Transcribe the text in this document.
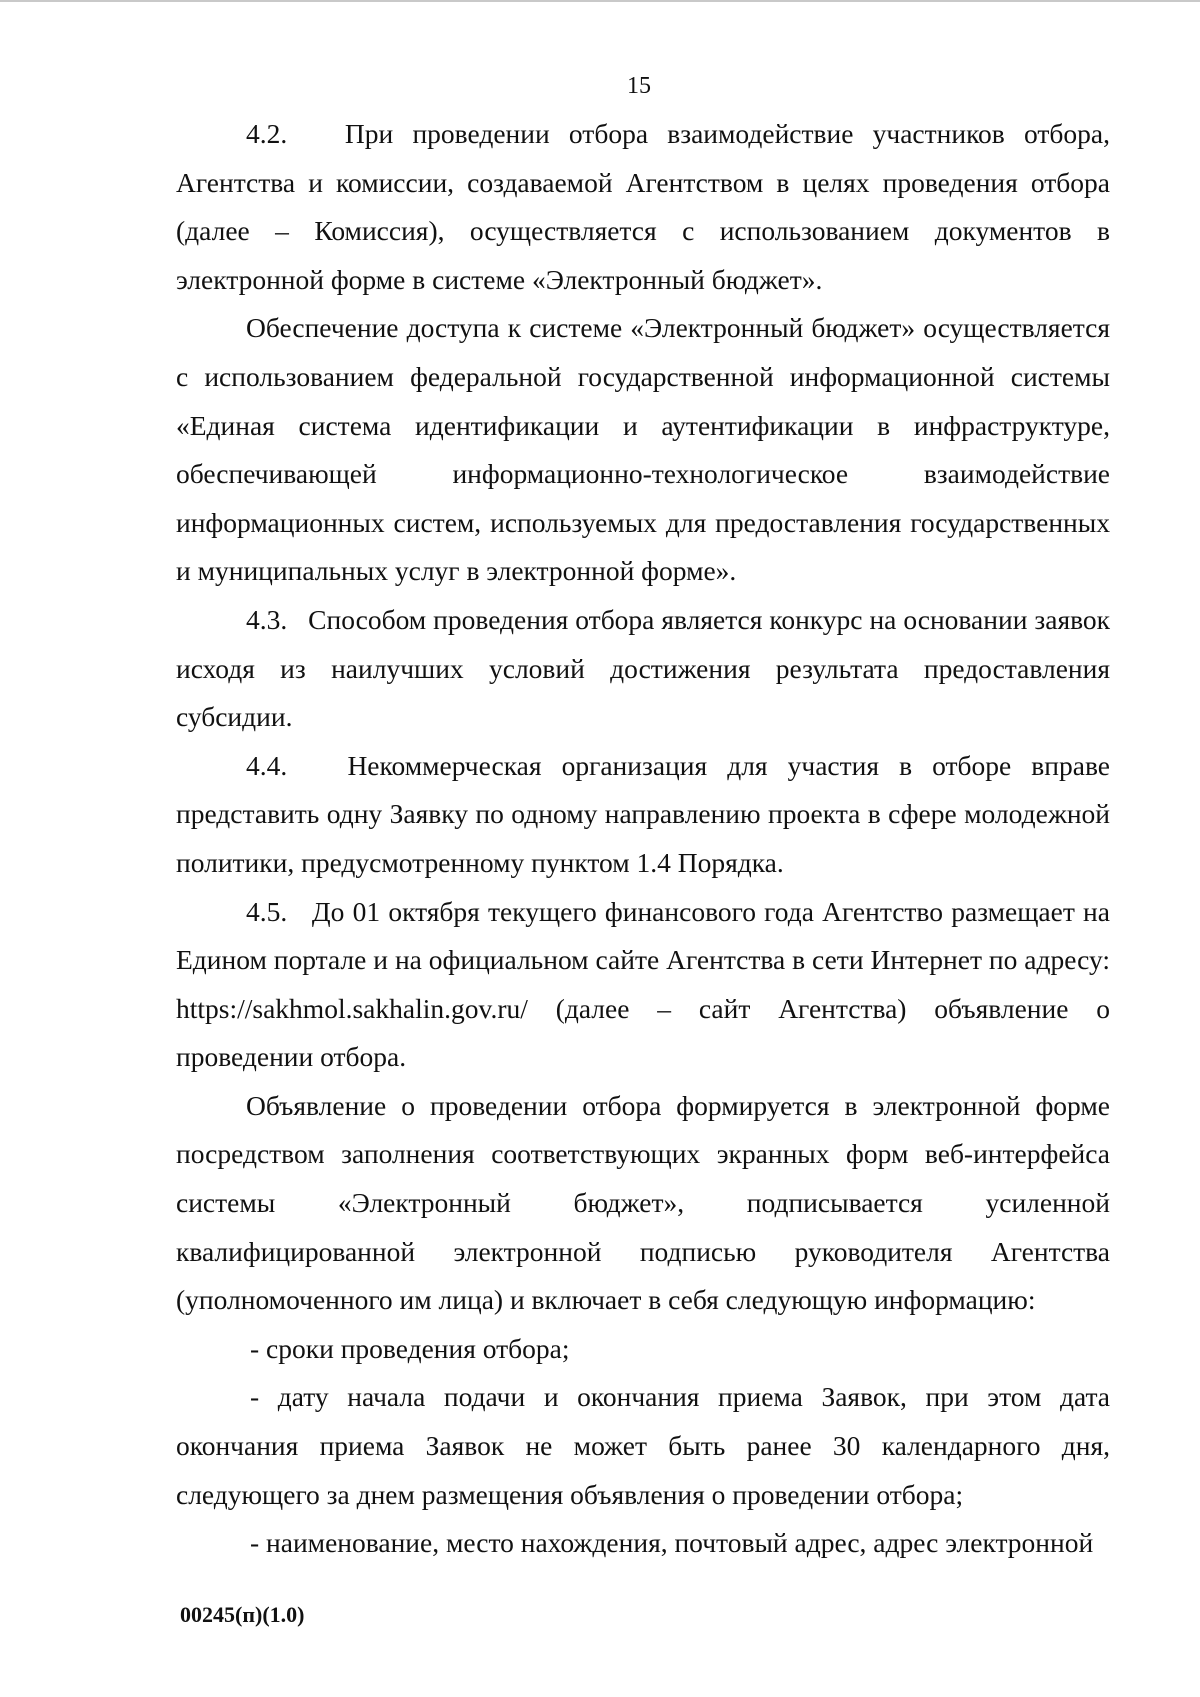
15

4.2.   При проведении отбора взаимодействие участников отбора, Агентства и комиссии, создаваемой Агентством в целях проведения отбора (далее – Комиссия), осуществляется с использованием документов в электронной форме в системе «Электронный бюджет».

Обеспечение доступа к системе «Электронный бюджет» осуществляется с использованием федеральной государственной информационной системы «Единая система идентификации и аутентификации в инфраструктуре, обеспечивающей информационно-технологическое взаимодействие информационных систем, используемых для предоставления государственных и муниципальных услуг в электронной форме».

4.3.   Способом проведения отбора является конкурс на основании заявок исходя из наилучших условий достижения результата предоставления субсидии.

4.4.   Некоммерческая организация для участия в отборе вправе представить одну Заявку по одному направлению проекта в сфере молодежной политики, предусмотренному пунктом 1.4 Порядка.

4.5.   До 01 октября текущего финансового года Агентство размещает на Едином портале и на официальном сайте Агентства в сети Интернет по адресу: https://sakhmol.sakhalin.gov.ru/ (далее – сайт Агентства) объявление о проведении отбора.

Объявление о проведении отбора формируется в электронной форме посредством заполнения соответствующих экранных форм веб-интерфейса системы «Электронный бюджет», подписывается усиленной квалифицированной электронной подписью руководителя Агентства (уполномоченного им лица) и включает в себя следующую информацию:

- сроки проведения отбора;

- дату начала подачи и окончания приема Заявок, при этом дата окончания приема Заявок не может быть ранее 30 календарного дня, следующего за днем размещения объявления о проведении отбора;

- наименование, место нахождения, почтовый адрес, адрес электронной

00245(п)(1.0)
